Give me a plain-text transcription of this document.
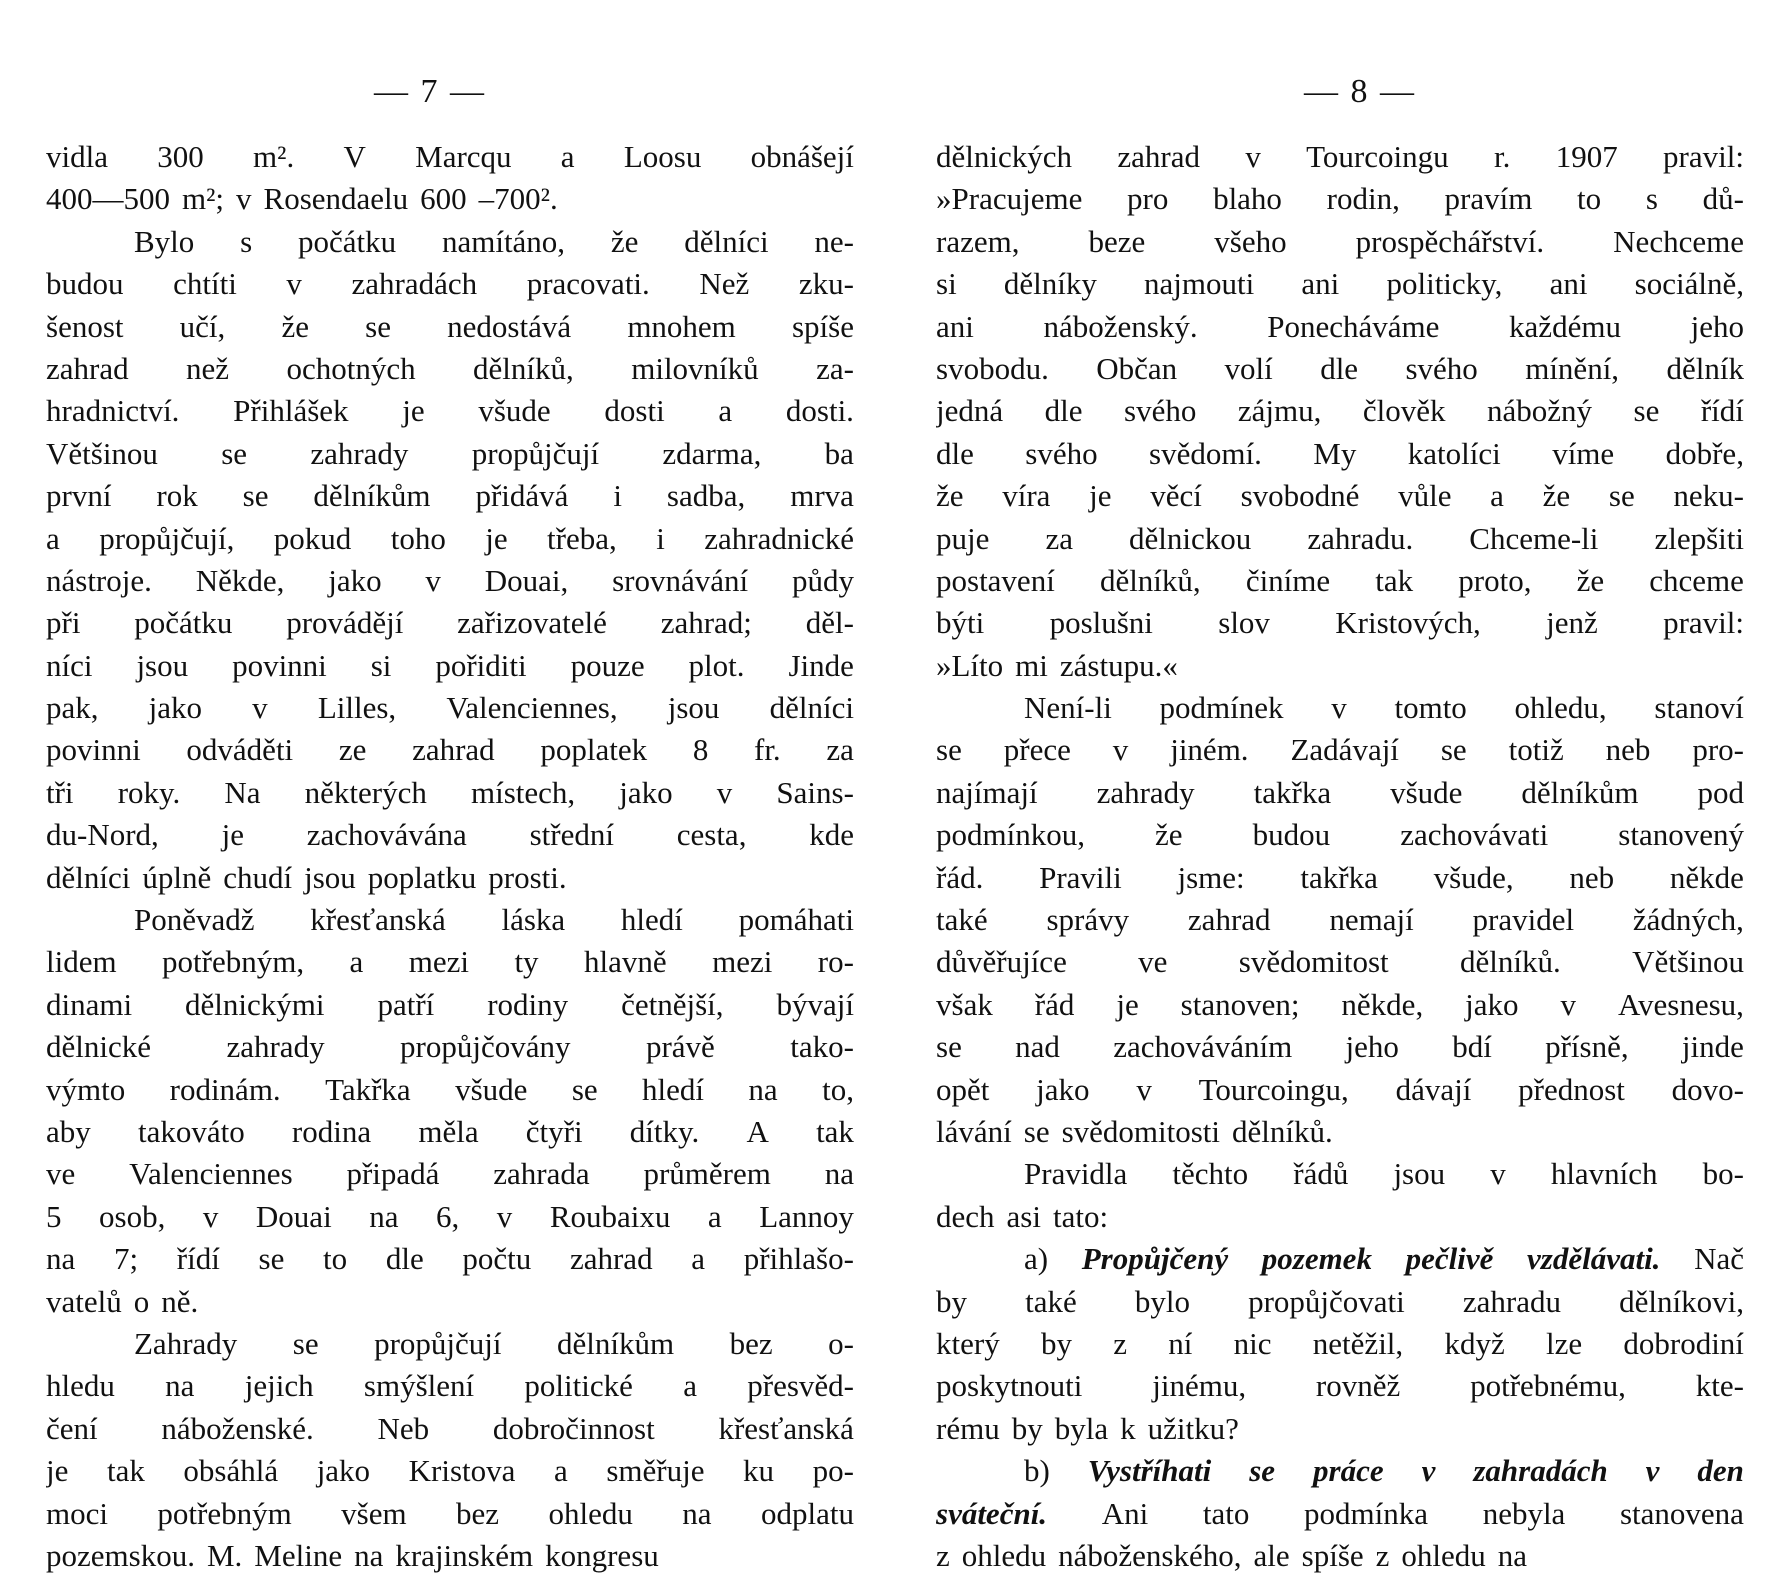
— 7 —
vidla 300 m². V Marcqu a Loosu obnášejí
400—500 m²; v Rosendaelu 600 –700².
Bylo s počátku namítáno, že dělníci ne-
budou chtíti v zahradách pracovati. Než zku-
šenost učí, že se nedostává mnohem spíše
zahrad než ochotných dělníků, milovníků za-
hradnictví. Přihlášek je všude dosti a dosti.
Většinou se zahrady propůjčují zdarma, ba
první rok se dělníkům přidává i sadba, mrva
a propůjčují, pokud toho je třeba, i zahradnické
nástroje. Někde, jako v Douai, srovnávání půdy
při počátku provádějí zařizovatelé zahrad; děl-
níci jsou povinni si pořiditi pouze plot. Jinde
pak, jako v Lilles, Valenciennes, jsou dělníci
povinni odváděti ze zahrad poplatek 8 fr. za
tři roky. Na některých místech, jako v Sains-
du-Nord, je zachovávána střední cesta, kde
dělníci úplně chudí jsou poplatku prosti.
Poněvadž křesťanská láska hledí pomáhati
lidem potřebným, a mezi ty hlavně mezi ro-
dinami dělnickými patří rodiny četnější, bývají
dělnické zahrady propůjčovány právě tako-
výmto rodinám. Takřka všude se hledí na to,
aby takováto rodina měla čtyři dítky. A tak
ve Valenciennes připadá zahrada průměrem na
5 osob, v Douai na 6, v Roubaixu a Lannoy
na 7; řídí se to dle počtu zahrad a přihlašo-
vatelů o ně.
Zahrady se propůjčují dělníkům bez o-
hledu na jejich smýšlení politické a přesvěd-
čení náboženské. Neb dobročinnost křesťanská
je tak obsáhlá jako Kristova a směřuje ku po-
moci potřebným všem bez ohledu na odplatu
pozemskou. M. Meline na krajinském kongresu
— 8 —
dělnických zahrad v Tourcoingu r. 1907 pravil:
»Pracujeme pro blaho rodin, pravím to s dů-
razem, beze všeho prospěchářství. Nechceme
si dělníky najmouti ani politicky, ani sociálně,
ani náboženský. Ponecháváme každému jeho
svobodu. Občan volí dle svého mínění, dělník
jedná dle svého zájmu, člověk nábožný se řídí
dle svého svědomí. My katolíci víme dobře,
že víra je věcí svobodné vůle a že se neku-
puje za dělnickou zahradu. Chceme-li zlepšiti
postavení dělníků, činíme tak proto, že chceme
býti poslušni slov Kristových, jenž pravil:
»Líto mi zástupu.«
Není-li podmínek v tomto ohledu, stanoví
se přece v jiném. Zadávají se totiž neb pro-
najímají zahrady takřka všude dělníkům pod
podmínkou, že budou zachovávati stanovený
řád. Pravili jsme: takřka všude, neb někde
také správy zahrad nemají pravidel žádných,
důvěřujíce ve svědomitost dělníků. Většinou
však řád je stanoven; někde, jako v Avesnesu,
se nad zachováváním jeho bdí přísně, jinde
opět jako v Tourcoingu, dávají přednost dovo-
lávání se svědomitosti dělníků.
Pravidla těchto řádů jsou v hlavních bo-
dech asi tato:
a) Propůjčený pozemek pečlivě vzdělávati. Nač
by také bylo propůjčovati zahradu dělníkovi,
který by z ní nic netěžil, když lze dobrodiní
poskytnouti jinému, rovněž potřebnému, kte-
rému by byla k užitku?
b) Vystříhati se práce v zahradách v den
sváteční. Ani tato podmínka nebyla stanovena
z ohledu náboženského, ale spíše z ohledu na
